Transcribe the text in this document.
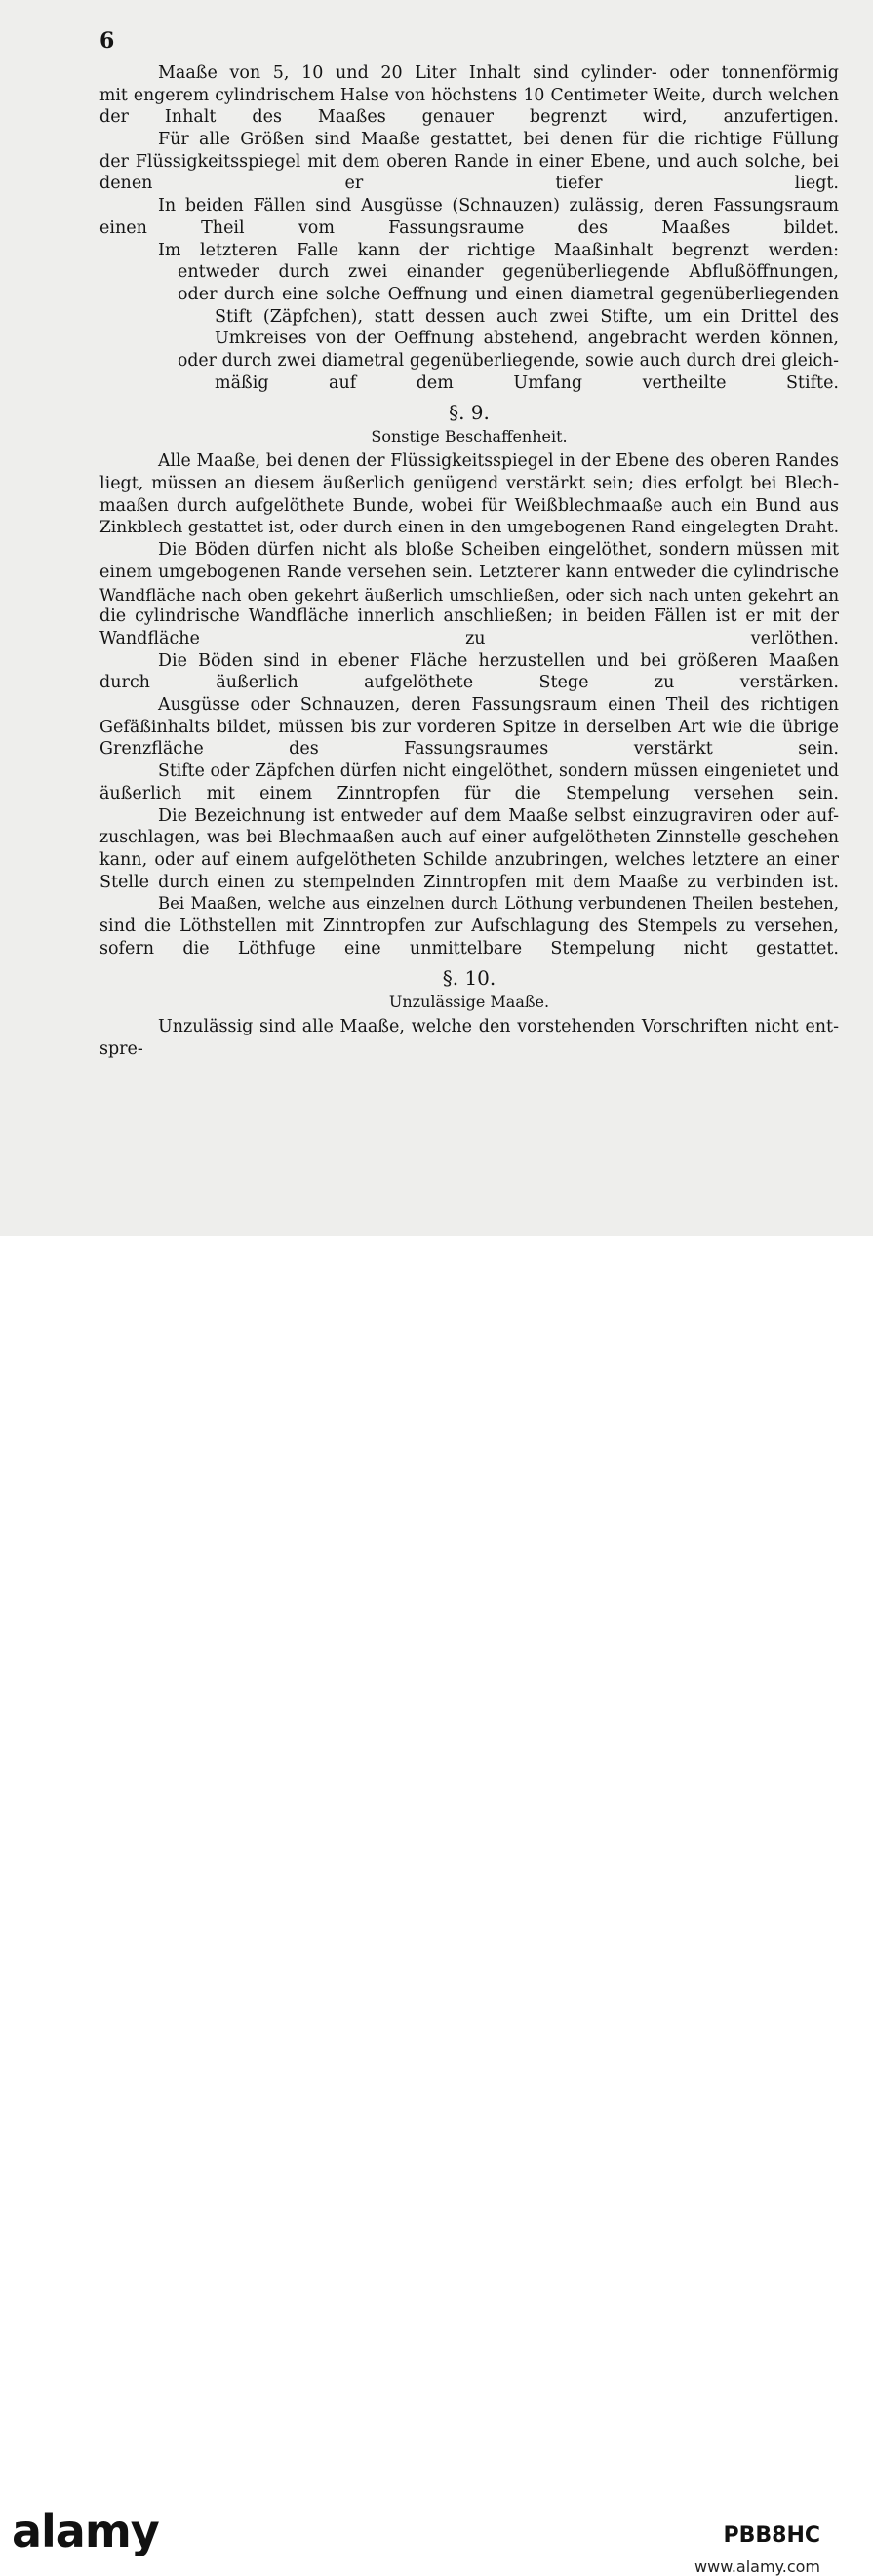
6
Maaße von 5, 10 und 20 Liter Inhalt sind cylinder- oder tonnenförmig
mit engerem cylindrischem Halse von höchstens 10 Centimeter Weite, durch welchen
der Inhalt des Maaßes genauer begrenzt wird, anzufertigen.
Für alle Größen sind Maaße gestattet, bei denen für die richtige Füllung
der Flüssigkeitsspiegel mit dem oberen Rande in einer Ebene, und auch solche, bei
denen er tiefer liegt.
In beiden Fällen sind Ausgüsse (Schnauzen) zulässig, deren Fassungsraum
einen Theil vom Fassungsraume des Maaßes bildet.
Im letzteren Falle kann der richtige Maaßinhalt begrenzt werden:
entweder durch zwei einander gegenüberliegende Abflußöffnungen,
oder durch eine solche Oeffnung und einen diametral gegenüberliegenden
Stift (Zäpfchen), statt dessen auch zwei Stifte, um ein Drittel des
Umkreises von der Oeffnung abstehend, angebracht werden können,
oder durch zwei diametral gegenüberliegende, sowie auch durch drei gleich-
mäßig auf dem Umfang vertheilte Stifte.
§. 9.
Sonstige Beschaffenheit.
Alle Maaße, bei denen der Flüssigkeitsspiegel in der Ebene des oberen Randes
liegt, müssen an diesem äußerlich genügend verstärkt sein; dies erfolgt bei Blech-
maaßen durch aufgelöthete Bunde, wobei für Weißblechmaaße auch ein Bund aus
Zinkblech gestattet ist, oder durch einen in den umgebogenen Rand eingelegten Draht.
Die Böden dürfen nicht als bloße Scheiben eingelöthet, sondern müssen mit
einem umgebogenen Rande versehen sein. Letzterer kann entweder die cylindrische
Wandfläche nach oben gekehrt äußerlich umschließen, oder sich nach unten gekehrt an
die cylindrische Wandfläche innerlich anschließen; in beiden Fällen ist er mit der
Wandfläche zu verlöthen.
Die Böden sind in ebener Fläche herzustellen und bei größeren Maaßen
durch äußerlich aufgelöthete Stege zu verstärken.
Ausgüsse oder Schnauzen, deren Fassungsraum einen Theil des richtigen
Gefäßinhalts bildet, müssen bis zur vorderen Spitze in derselben Art wie die übrige
Grenzfläche des Fassungsraumes verstärkt sein.
Stifte oder Zäpfchen dürfen nicht eingelöthet, sondern müssen eingenietet und
äußerlich mit einem Zinntropfen für die Stempelung versehen sein.
Die Bezeichnung ist entweder auf dem Maaße selbst einzugraviren oder auf-
zuschlagen, was bei Blechmaaßen auch auf einer aufgelötheten Zinnstelle geschehen
kann, oder auf einem aufgelötheten Schilde anzubringen, welches letztere an einer
Stelle durch einen zu stempelnden Zinntropfen mit dem Maaße zu verbinden ist.
Bei Maaßen, welche aus einzelnen durch Löthung verbundenen Theilen bestehen,
sind die Löthstellen mit Zinntropfen zur Aufschlagung des Stempels zu versehen,
sofern die Löthfuge eine unmittelbare Stempelung nicht gestattet.
§. 10.
Unzulässige Maaße.
Unzulässig sind alle Maaße, welche den vorstehenden Vorschriften nicht ent-
spre-
alamy	PBB8HC
www.alamy.com
